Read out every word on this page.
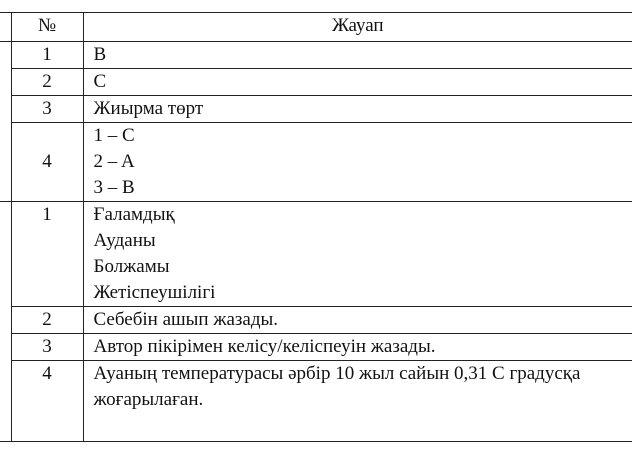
	№	Жауап
	1	B

	2	C

	3	Жиырма төрт

	4	1 – C
2 – A
3 – B

	1	Ғаламдық
Ауданы
Болжамы
Жетіспеушілігі

	2	Себебін ашып жазады.

	3	Автор пікірімен келісу/келіспеуін жазады.

	4	Ауаның температурасы әрбір 10 жыл сайын 0,31 С градусқа жоғарылаған.
